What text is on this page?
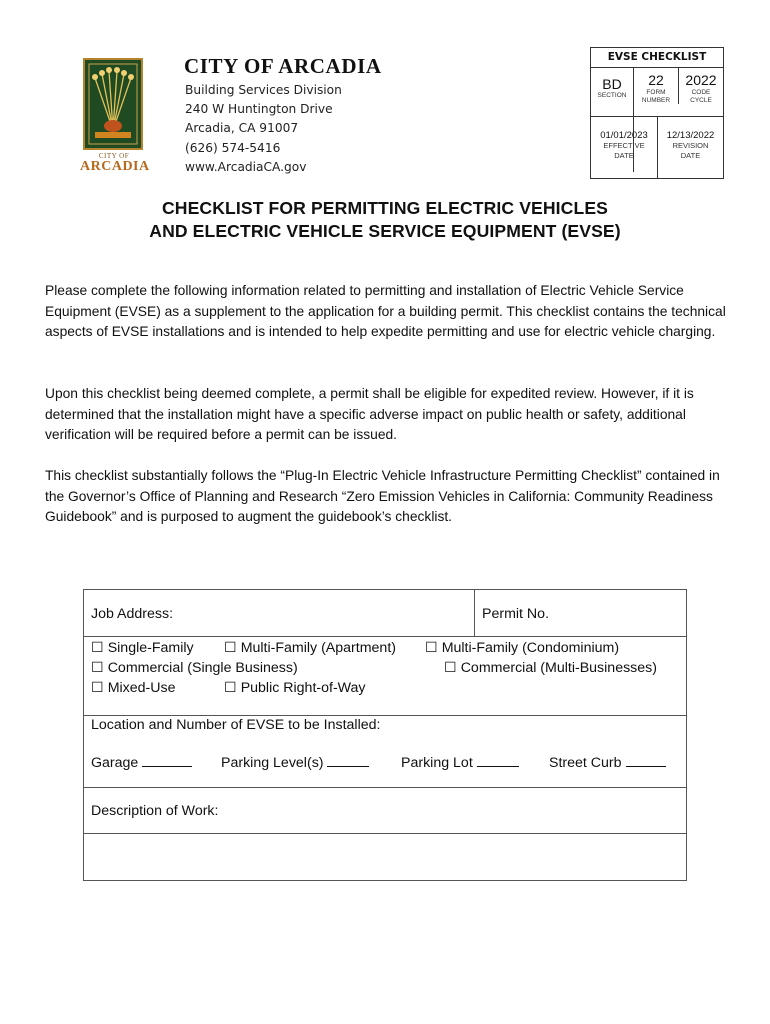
CITY OF
ARCADIA
CITY OF ARCADIA
Building Services Division
240 W Huntington Drive
Arcadia, CA 91007
(626) 574-5416
www.ArcadiaCA.gov
EVSE CHECKLIST
BD
SECTION
22
FORM
NUMBER
2022
CODE
CYCLE
01/01/2023
EFFECTIVE
DATE
12/13/2022
REVISION
DATE
CHECKLIST FOR PERMITTING ELECTRIC VEHICLES
AND ELECTRIC VEHICLE SERVICE EQUIPMENT (EVSE)

Please complete the following information related to permitting and installation of Electric Vehicle Service Equipment (EVSE) as a supplement to the application for a building permit. This checklist contains the technical aspects of EVSE installations and is intended to help expedite permitting and use for electric vehicle charging.

Upon this checklist being deemed complete, a permit shall be eligible for expedited review. However, if it is determined that the installation might have a specific adverse impact on public health or safety, additional verification will be required before a permit can be issued.

This checklist substantially follows the “Plug-In Electric Vehicle Infrastructure Permitting Checklist” contained in the Governor’s Office of Planning and Research “Zero Emission Vehicles in California: Community Readiness Guidebook” and is purposed to augment the guidebook’s checklist.

Job Address:	Permit No.
☐ Single-Family ☐ Multi-Family (Apartment) ☐ Multi-Family (Condominium)
☐ Commercial (Single Business)	☐ Commercial (Multi-Businesses)
☐ Mixed-Use	☐ Public Right-of-Way
Location and Number of EVSE to be Installed:
Garage	Parking Level(s)	Parking Lot	Street Curb
Description of Work:
